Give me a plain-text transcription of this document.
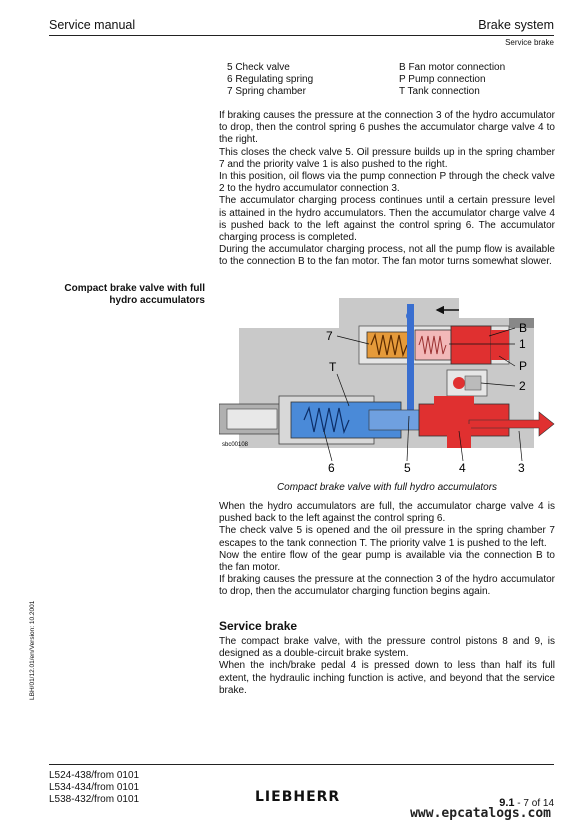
Service manual	Brake system
Service brake
5 Check valve	B Fan motor connection
6 Regulating spring	P Pump connection
7 Spring chamber	T Tank connection

If braking causes the pressure at the connection 3 of the hydro accumulator to drop, then the control spring 6 pushes the accumulator charge valve 4 to the right.

This closes the check valve 5. Oil pressure builds up in the spring chamber 7 and the priority valve 1 is also pushed to the right.

In this position, oil flows via the pump connection P through the check valve 2 to the hydro accumulator connection 3.

The accumulator charging process continues until a certain pressure level is attained in the hydro accumulators. Then the accumulator charge valve 4 is pushed back to the left against the control spring 6. The accumulator charging process is completed.

During the accumulator charging process, not all the pump flow is available to the connection B to the fan motor. The fan motor turns somewhat slower.

Compact brake valve with full hydro accumulators
7
T
B
1
P
2
6	5	4	3
sbc00108
Compact brake valve with full hydro accumulators

When the hydro accumulators are full, the accumulator charge valve 4 is pushed back to the left against the control spring 6.

The check valve 5 is opened and the oil pressure in the spring chamber 7 escapes to the tank connection T. The priority valve 1 is pushed to the left.

Now the entire flow of the gear pump is available via the connection B to the fan motor.

If braking causes the pressure at the connection 3 of the hydro accumulator to drop, then the accumulator charging function begins again.

Service brake

The compact brake valve, with the pressure control pistons 8 and 9, is designed as a double-circuit brake system.

When the inch/brake pedal 4 is pressed down to less than half its full extent, the hydraulic inching function is active, and beyond that the service brake.

LBH/01/12.01/en/Version: 10.2001
L524-438/from 0101
L534-434/from 0101
L538-432/from 0101	LIEBHERR	9.1 - 7 of 14
www.epcatalogs.com
